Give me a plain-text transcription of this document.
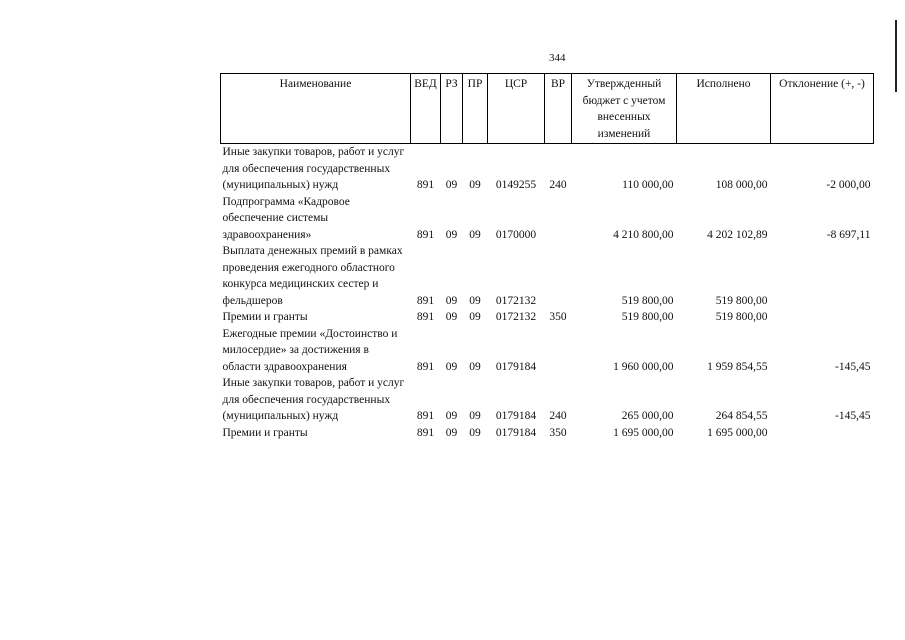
344
Наименование	ВЕД	РЗ	ПР	ЦСР	ВР	Утвержденный бюджет с учетом внесенных изменений	Исполнено	Отклонение (+, -)
Иные закупки товаров, работ и услуг для обеспечения государственных (муниципальных) нужд	891	09	09	0149255	240	110 000,00	108 000,00	-2 000,00
Подпрограмма «Кадровое обеспечение системы здравоохранения»	891	09	09	0170000		4 210 800,00	4 202 102,89	-8 697,11
Выплата денежных премий в рамках проведения ежегодного областного конкурса медицинских сестер и фельдшеров	891	09	09	0172132		519 800,00	519 800,00	
Премии и гранты	891	09	09	0172132	350	519 800,00	519 800,00	
Ежегодные премии «Достоинство и милосердие» за достижения в области здравоохранения	891	09	09	0179184		1 960 000,00	1 959 854,55	-145,45
Иные закупки товаров, работ и услуг для обеспечения государственных (муниципальных) нужд	891	09	09	0179184	240	265 000,00	264 854,55	-145,45
Премии и гранты	891	09	09	0179184	350	1 695 000,00	1 695 000,00	
